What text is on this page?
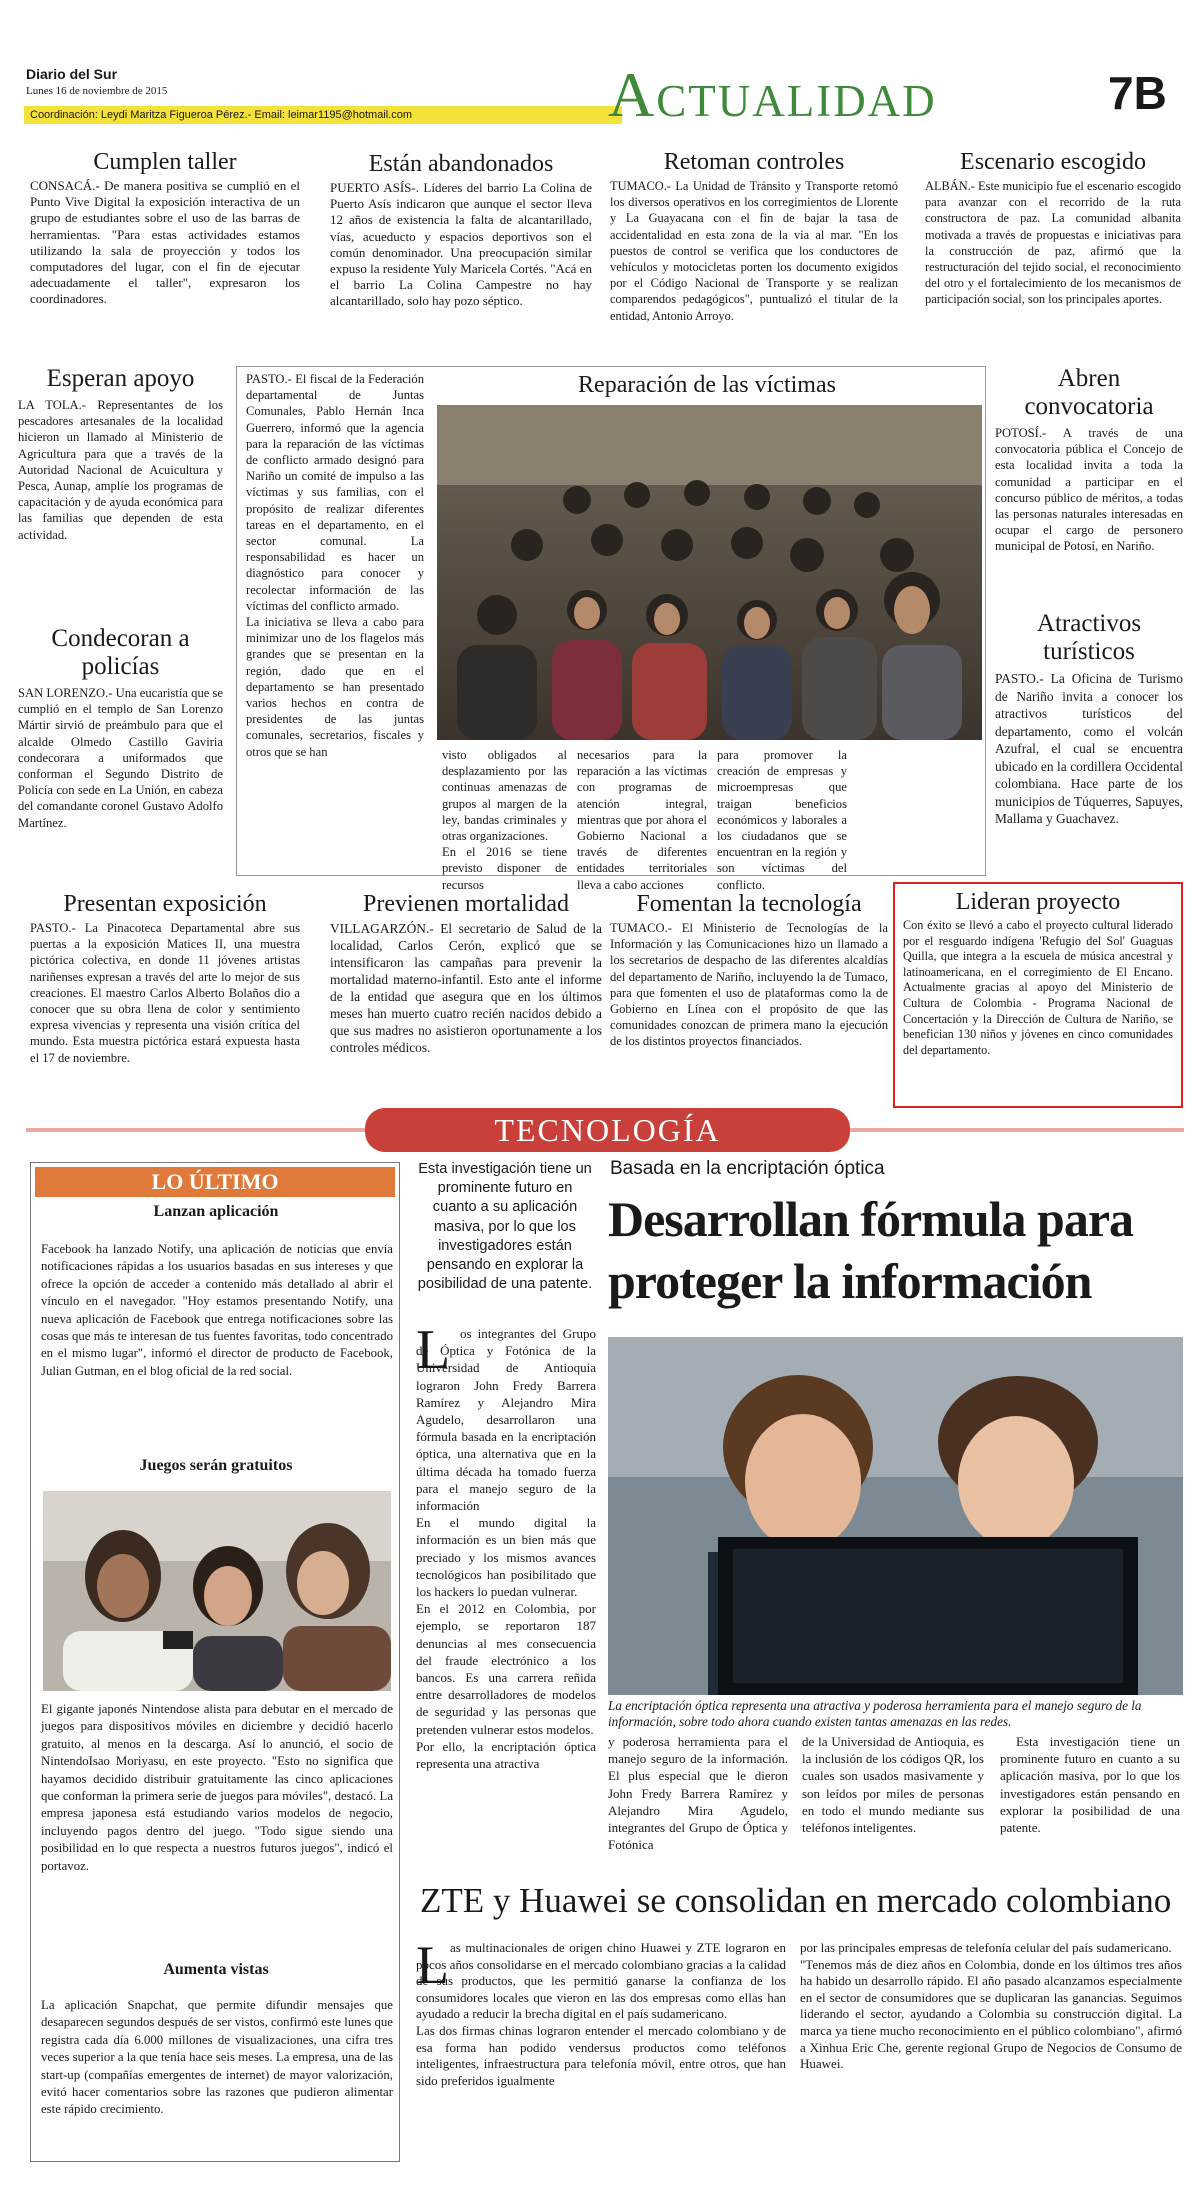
Diario del Sur
Lunes 16 de noviembre de 2015
Coordinación: Leydi Maritza Figueroa Pérez.- Email: leimar1195@hotmail.com	Actualidad	7B
Cumplen taller
CONSACÁ.- De manera positiva se cumplió en el Punto Vive Digital la exposición interactiva de un grupo de estudiantes sobre el uso de las barras de herramientas. "Para estas actividades estamos utilizando la sala de proyección y todos los computadores del lugar, con el fin de ejecutar adecuadamente el taller", expresaron los coordinadores.
Están abandonados
PUERTO ASÍS-. Líderes del barrio La Colina de Puerto Asís indicaron que aunque el sector lleva 12 años de existencia la falta de alcantarillado, vías, acueducto y espacios deportivos son el común denominador. Una preocupación similar expuso la residente Yuly Maricela Cortés. "Acá en el barrio La Colina Campestre no hay alcantarillado, solo hay pozo séptico.
Retoman controles
TUMACO.- La Unidad de Tránsito y Transporte retomó los diversos operativos en los corregimientos de Llorente y La Guayacana con el fin de bajar la tasa de accidentalidad en esta zona de la vía al mar. "En los puestos de control se verifica que los conductores de vehículos y motocicletas porten los documento exigidos por el Código Nacional de Transporte y se realizan comparendos pedagógicos", puntualizó el titular de la entidad, Antonio Arroyo.
Escenario escogido
ALBÁN.- Este municipio fue el escenario escogido para avanzar con el recorrido de la ruta constructora de paz. La comunidad albanita motivada a través de propuestas e iniciativas para la construcción de paz, afirmó que la restructuración del tejido social, el reconocimiento del otro y el fortalecimiento de los mecanismos de participación social, son los principales aportes.
Esperan apoyo
LA TOLA.- Representantes de los pescadores artesanales de la localidad hicieron un llamado al Ministerio de Agricultura para que a través de la Autoridad Nacional de Acuicultura y Pesca, Aunap, amplíe los programas de capacitación y de ayuda económica para las familias que dependen de esta actividad.
Condecoran a policías
SAN LORENZO.- Una eucaristía que se cumplió en el templo de San Lorenzo Mártir sirvió de preámbulo para que el alcalde Olmedo Castillo Gaviria condecorara a uniformados que conforman el Segundo Distrito de Policía con sede en La Unión, en cabeza del comandante coronel Gustavo Adolfo Martínez.
PASTO.- El fiscal de la Federación departamental de Juntas Comunales, Pablo Hernán Inca Guerrero, informó que la agencia para la reparación de las víctimas de conflicto armado designó para Nariño un comité de impulso a las víctimas y sus familias, con el propósito de realizar diferentes tareas en el departamento, en el sector comunal. La responsabilidad es hacer un diagnóstico para conocer y recolectar información de las víctimas del conflicto armado.
La iniciativa se lleva a cabo para minimizar uno de los flagelos más grandes que se presentan en la región, dado que en el departamento se han presentado varios hechos en contra de presidentes de las juntas comunales, secretarios, fiscales y otros que se han
Reparación de las víctimas
visto obligados al desplazamiento por las continuas amenazas de grupos al margen de la ley, bandas criminales y otras organizaciones.
En el 2016 se tiene previsto disponer de recursos
necesarios para la reparación a las víctimas con programas de atención integral, mientras que por ahora el Gobierno Nacional a través de diferentes entidades territoriales lleva a cabo acciones
para promover la creación de empresas y microempresas que traigan beneficios económicos y laborales a los ciudadanos que se encuentran en la región y son víctimas del conflicto.
Abren convocatoria
POTOSÍ.- A través de una convocatoria pública el Concejo de esta localidad invita a toda la comunidad a participar en el concurso público de méritos, a todas las personas naturales interesadas en ocupar el cargo de personero municipal de Potosí, en Nariño.
Atractivos turísticos
PASTO.- La Oficina de Turismo de Nariño invita a conocer los atractivos turísticos del departamento, como el volcán Azufral, el cual se encuentra ubicado en la cordillera Occidental colombiana. Hace parte de los municipios de Túquerres, Sapuyes, Mallama y Guachavez.
Presentan exposición
PASTO.- La Pinacoteca Departamental abre sus puertas a la exposición Matices II, una muestra pictórica colectiva, en donde 11 jóvenes artistas nariñenses expresan a través del arte lo mejor de sus creaciones. El maestro Carlos Alberto Bolaños dio a conocer que su obra llena de color y sentimiento expresa vivencias y representa una visión crítica del mundo. Esta muestra pictórica estará expuesta hasta el 17 de noviembre.
Previenen mortalidad
VILLAGARZÓN.- El secretario de Salud de la localidad, Carlos Cerón, explicó que se intensificaron las campañas para prevenir la mortalidad materno-infantil. Esto ante el informe de la entidad que asegura que en los últimos meses han muerto cuatro recién nacidos debido a que sus madres no asistieron oportunamente a los controles médicos.
Fomentan la tecnología
TUMACO.- El Ministerio de Tecnologías de la Información y las Comunicaciones hizo un llamado a los secretarios de despacho de las diferentes alcaldías del departamento de Nariño, incluyendo la de Tumaco, para que fomenten el uso de plataformas como la de Gobierno en Línea con el propósito de que las comunidades conozcan de primera mano la ejecución de los distintos proyectos financiados.
Lideran proyecto
Con éxito se llevó a cabo el proyecto cultural liderado por el resguardo indígena 'Refugio del Sol' Guaguas Quilla, que integra a la escuela de música ancestral y latinoamericana, en el corregimiento de El Encano. Actualmente gracias al apoyo del Ministerio de Cultura de Colombia - Programa Nacional de Concertación y la Dirección de Cultura de Nariño, se benefician 130 niños y jóvenes en cinco comunidades del departamento.
TECNOLOGÍA
LO ÚLTIMO
Lanzan aplicación
Facebook ha lanzado Notify, una aplicación de noticias que envía notificaciones rápidas a los usuarios basadas en sus intereses y que ofrece la opción de acceder a contenido más detallado al abrir el vínculo en el navegador. "Hoy estamos presentando Notify, una nueva aplicación de Facebook que entrega notificaciones sobre las cosas que más te interesan de tus fuentes favoritas, todo concentrado en el mismo lugar", informó el director de producto de Facebook, Julian Gutman, en el blog oficial de la red social.
Juegos serán gratuitos
El gigante japonés Nintendose alista para debutar en el mercado de juegos para dispositivos móviles en diciembre y decidió hacerlo gratuito, al menos en la descarga. Así lo anunció, el socio de NintendoIsao Moriyasu, en este proyecto. "Esto no significa que hayamos decidido distribuir gratuitamente las cinco aplicaciones que conforman la primera serie de juegos para móviles", destacó. La empresa japonesa está estudiando varios modelos de negocio, incluyendo pagos dentro del juego. "Todo sigue siendo una posibilidad en lo que respecta a nuestros futuros juegos", indicó el portavoz.
Aumenta vistas
La aplicación Snapchat, que permite difundir mensajes que desaparecen segundos después de ser vistos, confirmó este lunes que registra cada día 6.000 millones de visualizaciones, una cifra tres veces superior a la que tenía hace seis meses. La empresa, una de las start-up (compañías emergentes de internet) de mayor valorización, evitó hacer comentarios sobre las razones que pudieron alimentar este rápido crecimiento.
Esta investigación tiene un prominente futuro en cuanto a su aplicación masiva, por lo que los investigadores están pensando en explorar la posibilidad de una patente.
Basada en la encriptación óptica
Desarrollan fórmula para proteger la información
L os integrantes del Grupo de Óptica y Fotónica de la Universidad de Antioquia lograron John Fredy Barrera Ramírez y Alejandro Mira Agudelo, desarrollaron una fórmula basada en la encriptación óptica, una alternativa que en la última década ha tomado fuerza para el manejo seguro de la información
En el mundo digital la información es un bien más que preciado y los mismos avances tecnológicos han posibilitado que los hackers lo puedan vulnerar.
En el 2012 en Colombia, por ejemplo, se reportaron 187 denuncias al mes consecuencia del fraude electrónico a los bancos. Es una carrera reñida entre desarrolladores de modelos de seguridad y las personas que pretenden vulnerar estos modelos.
Por ello, la encriptación óptica representa una atractiva
La encriptación óptica representa una atractiva y poderosa herramienta para el manejo seguro de la información, sobre todo ahora cuando existen tantas amenazas en las redes.
y poderosa herramienta para el manejo seguro de la información. El plus especial que le dieron John Fredy Barrera Ramírez y Alejandro Mira Agudelo, integrantes del Grupo de Óptica y Fotónica
de la Universidad de Antioquia, es la inclusión de los códigos QR, los cuales son usados masivamente y son leídos por miles de personas en todo el mundo mediante sus teléfonos inteligentes.
Esta investigación tiene un prominente futuro en cuanto a su aplicación masiva, por lo que los investigadores están pensando en explorar la posibilidad de una patente.
ZTE y Huawei se consolidan en mercado colombiano
L as multinacionales de origen chino Huawei y ZTE lograron en pocos años consolidarse en el mercado colombiano gracias a la calidad de sus productos, que les permitió ganarse la confianza de los consumidores locales que vieron en las dos empresas como ellas han ayudado a reducir la brecha digital en el país sudamericano.
Las dos firmas chinas lograron entender el mercado colombiano y de esa forma han podido vendersus productos como teléfonos inteligentes, infraestructura para telefonía móvil, entre otros, que han sido preferidos igualmente
por las principales empresas de telefonía celular del país sudamericano.
"Tenemos más de diez años en Colombia, donde en los últimos tres años ha habido un desarrollo rápido. El año pasado alcanzamos especialmente en el sector de consumidores que se duplicaran las ganancias. Seguimos liderando el sector, ayudando a Colombia su construcción digital. La marca ya tiene mucho reconocimiento en el público colombiano", afirmó a Xinhua Eric Che, gerente regional Grupo de Negocios de Consumo de Huawei.
